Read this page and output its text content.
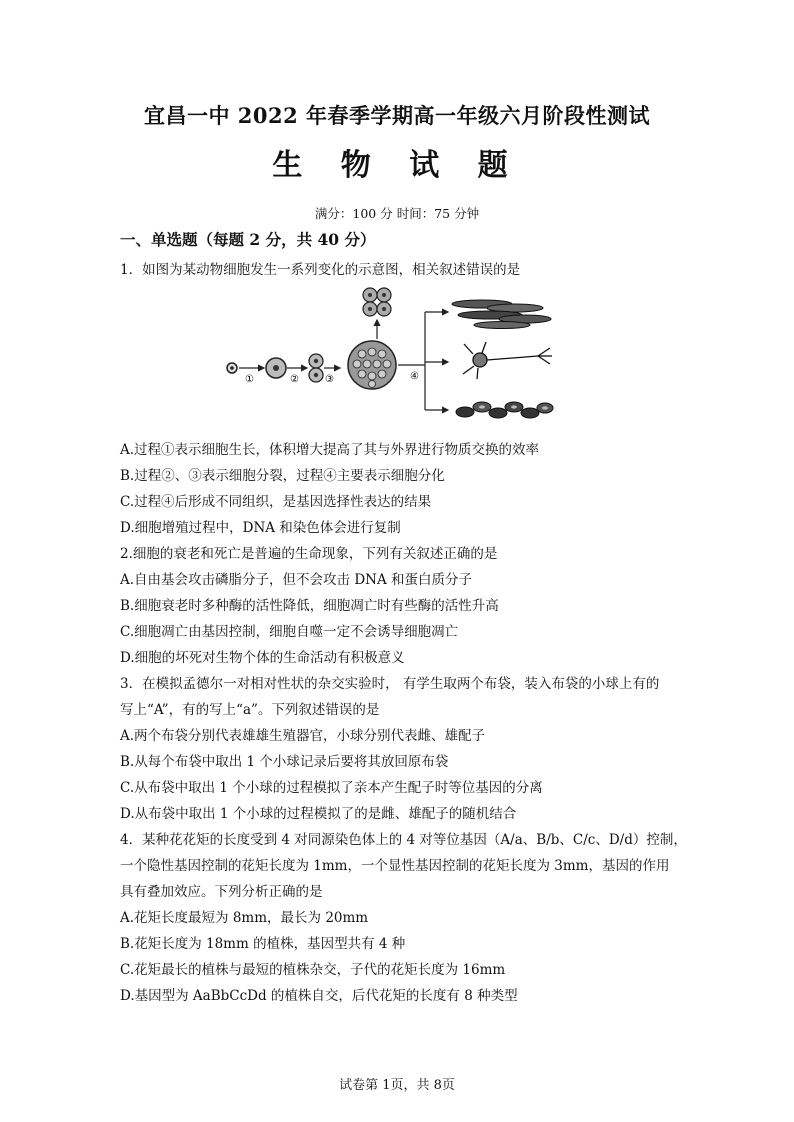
宜昌一中 2022 年春季学期高一年级六月阶段性测试
生 物 试 题
满分：100 分 时间：75 分钟
一、单选题（每题 2 分，共 40 分）
1．如图为某动物细胞发生一系列变化的示意图，相关叙述错误的是
①	②	③	④
A.过程①表示细胞生长，体积增大提高了其与外界进行物质交换的效率
B.过程②、③表示细胞分裂，过程④主要表示细胞分化
C.过程④后形成不同组织，是基因选择性表达的结果
D.细胞增殖过程中，DNA 和染色体会进行复制
2.细胞的衰老和死亡是普遍的生命现象，下列有关叙述正确的是
A.自由基会攻击磷脂分子，但不会攻击 DNA 和蛋白质分子
B.细胞衰老时多种酶的活性降低，细胞凋亡时有些酶的活性升高
C.细胞凋亡由基因控制，细胞自噬一定不会诱导细胞凋亡
D.细胞的坏死对生物个体的生命活动有积极意义
3．在模拟孟德尔一对相对性状的杂交实验时， 有学生取两个布袋，装入布袋的小球上有的
写上“A”，有的写上“a”。下列叙述错误的是
A.两个布袋分别代表雄雄生殖器官，小球分别代表雌、雄配子
B.从每个布袋中取出 1 个小球记录后要将其放回原布袋
C.从布袋中取出 1 个小球的过程模拟了亲本产生配子时等位基因的分离
D.从布袋中取出 1 个小球的过程模拟了的是雌、雄配子的随机结合
4．某种花花矩的长度受到 4 对同源染色体上的 4 对等位基因（A/a、B/b、C/c、D/d）控制，
一个隐性基因控制的花矩长度为 1mm，一个显性基因控制的花矩长度为 3mm，基因的作用
具有叠加效应。下列分析正确的是
A.花矩长度最短为 8mm，最长为 20mm
B.花矩长度为 18mm 的植株，基因型共有 4 种
C.花矩最长的植株与最短的植株杂交，子代的花矩长度为 16mm
D.基因型为 AaBbCcDd 的植株自交，后代花矩的长度有 8 种类型
试卷第 1页，共 8页
